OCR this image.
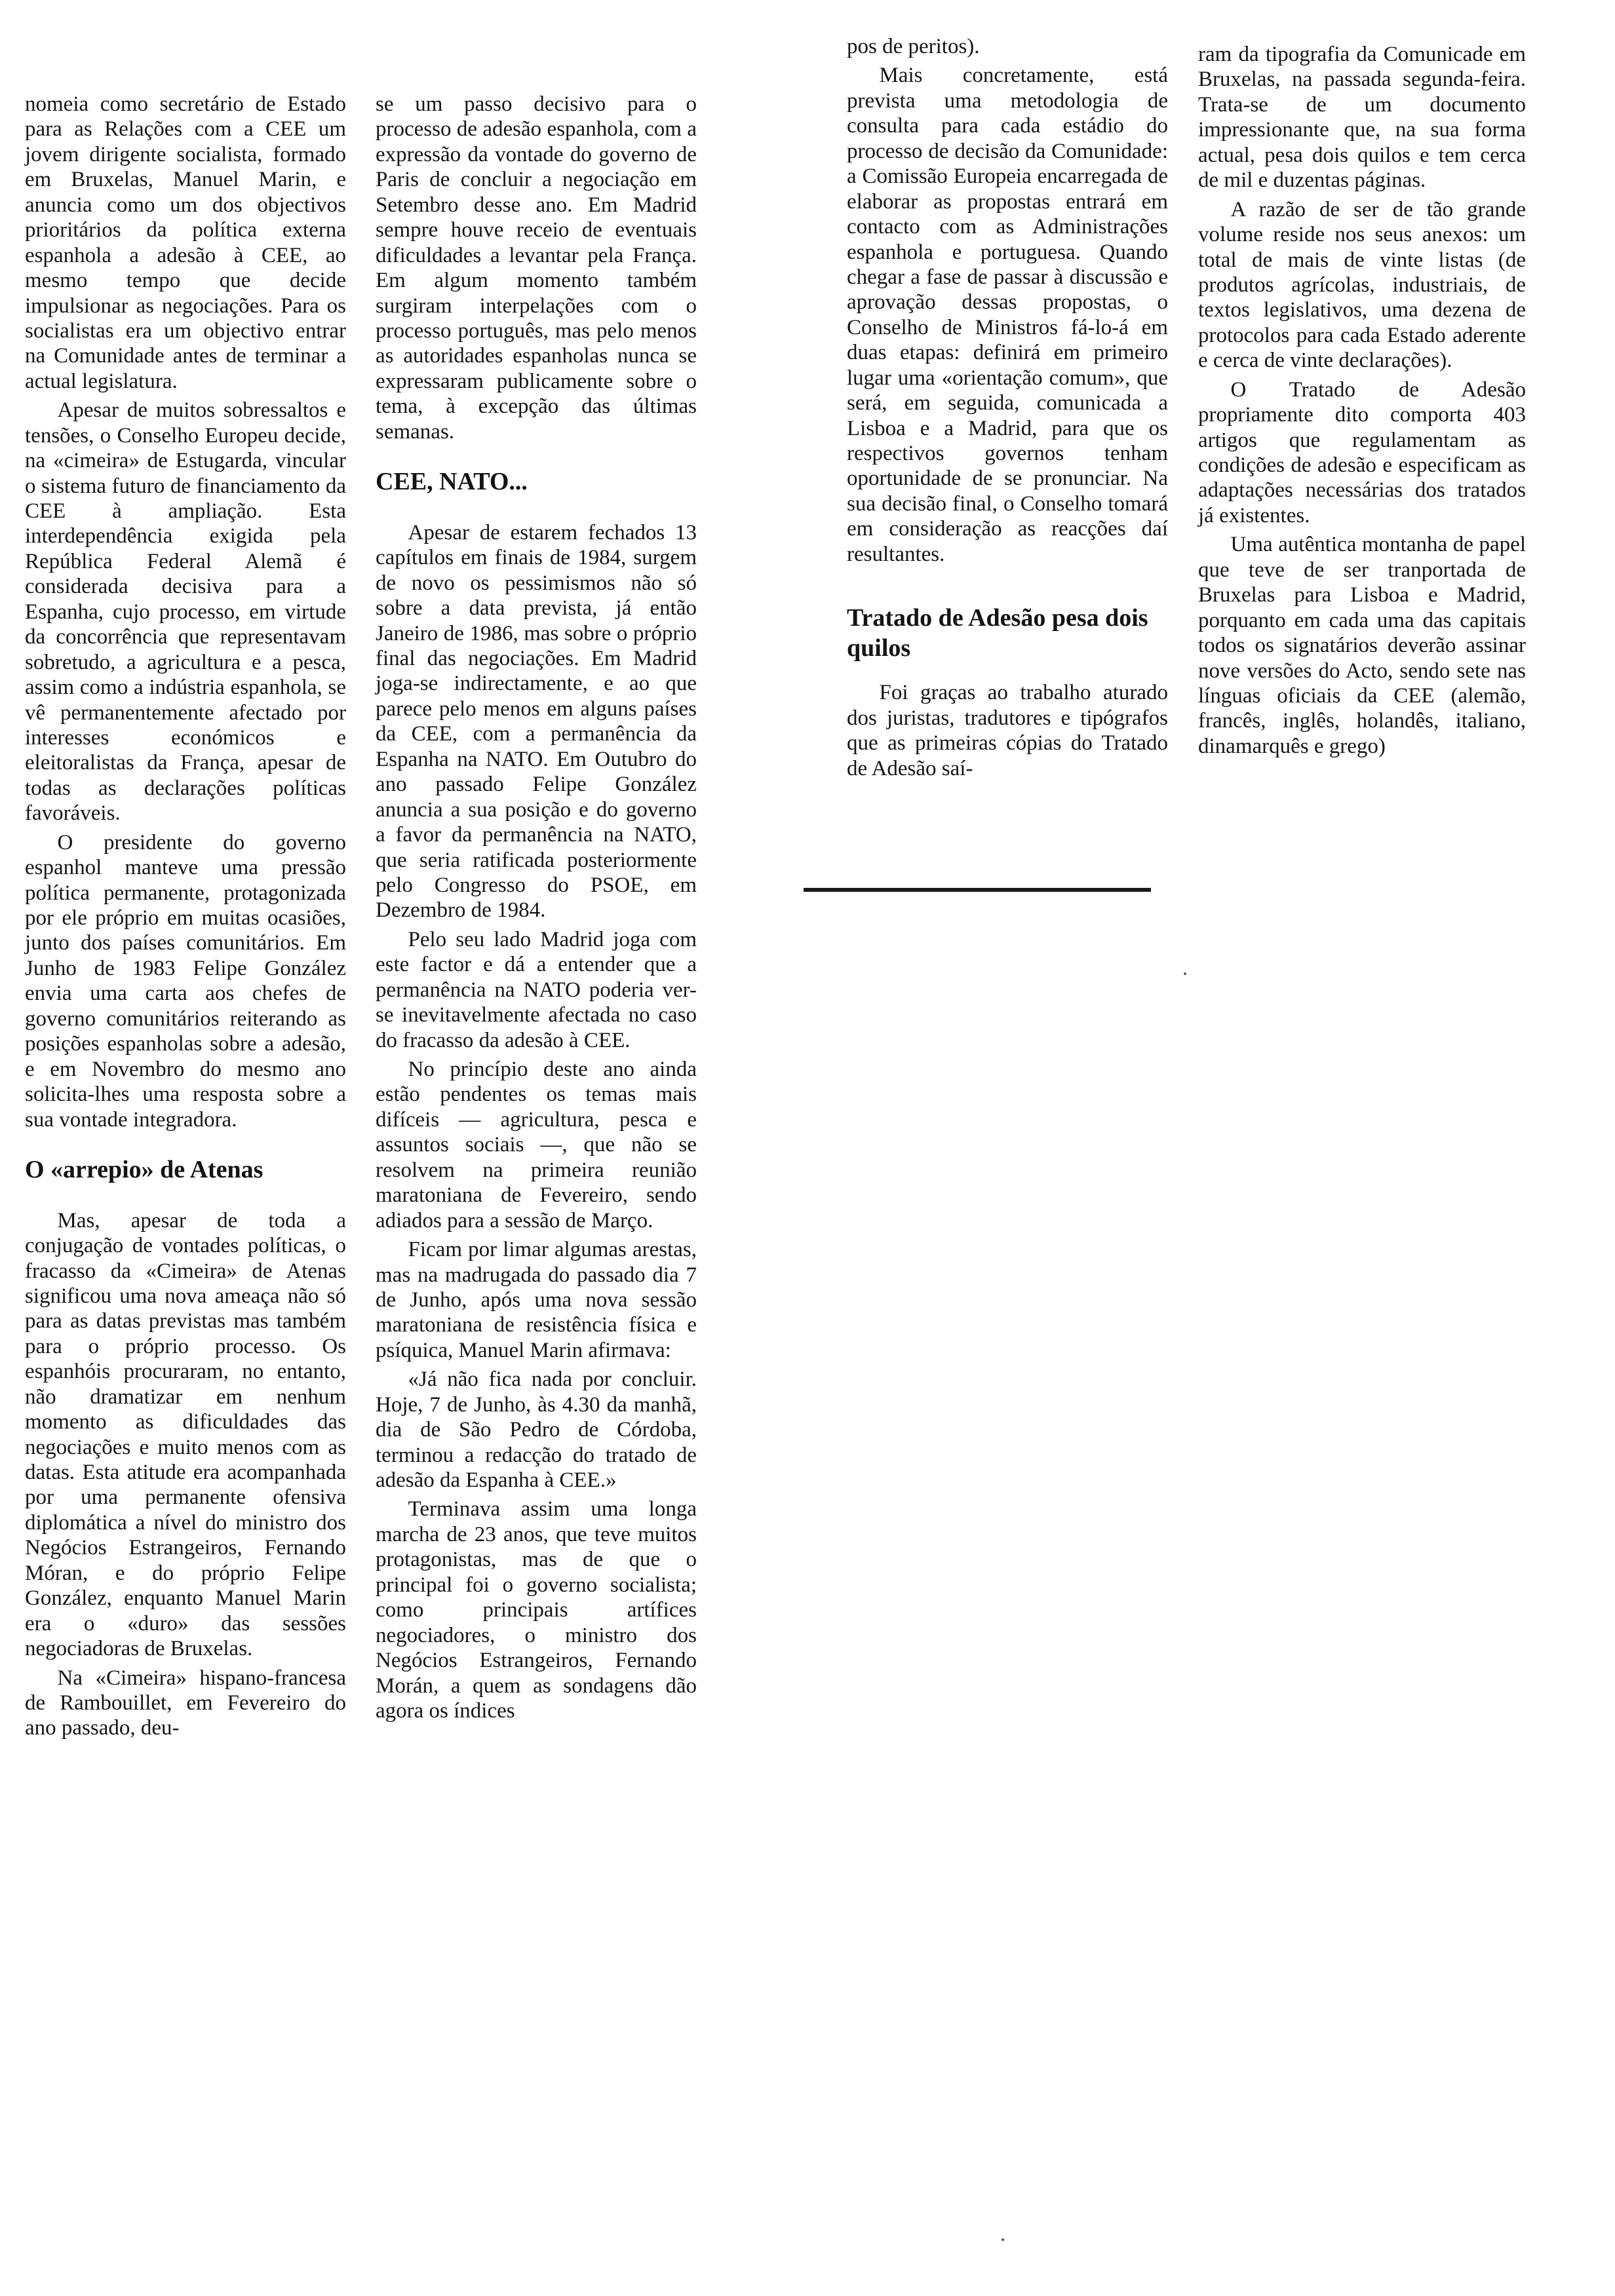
nomeia como secretário de Estado para as Relações com a CEE um jovem dirigente socialista, formado em Bruxelas, Manuel Marin, e anuncia como um dos objectivos prioritários da política externa espanhola a adesão à CEE, ao mesmo tempo que decide impulsionar as negociações. Para os socialistas era um objectivo entrar na Comunidade antes de terminar a actual legislatura.

Apesar de muitos sobressaltos e tensões, o Conselho Europeu decide, na «cimeira» de Estugarda, vincular o sistema futuro de financiamento da CEE à ampliação. Esta interdependência exigida pela República Federal Alemã é considerada decisiva para a Espanha, cujo processo, em virtude da concorrência que representavam sobretudo, a agricultura e a pesca, assim como a indústria espanhola, se vê permanentemente afectado por interesses económicos e eleitoralistas da França, apesar de todas as declarações políticas favoráveis.

O presidente do governo espanhol manteve uma pressão política permanente, protagonizada por ele próprio em muitas ocasiões, junto dos países comunitários. Em Junho de 1983 Felipe González envia uma carta aos chefes de governo comunitários reiterando as posições espanholas sobre a adesão, e em Novembro do mesmo ano solicita-lhes uma resposta sobre a sua vontade integradora.

O «arrepio» de Atenas

Mas, apesar de toda a conjugação de vontades políticas, o fracasso da «Cimeira» de Atenas significou uma nova ameaça não só para as datas previstas mas também para o próprio processo. Os espanhóis procuraram, no entanto, não dramatizar em nenhum momento as dificuldades das negociações e muito menos com as datas. Esta atitude era acompanhada por uma permanente ofensiva diplomática a nível do ministro dos Negócios Estrangeiros, Fernando Móran, e do próprio Felipe González, enquanto Manuel Marin era o «duro» das sessões negociadoras de Bruxelas.

Na «Cimeira» hispano-francesa de Rambouillet, em Fevereiro do ano passado, deu-

se um passo decisivo para o processo de adesão espanhola, com a expressão da vontade do governo de Paris de concluir a negociação em Setembro desse ano. Em Madrid sempre houve receio de eventuais dificuldades a levantar pela França. Em algum momento também surgiram interpelações com o processo português, mas pelo menos as autoridades espanholas nunca se expressaram publicamente sobre o tema, à excepção das últimas semanas.

CEE, NATO...

Apesar de estarem fechados 13 capítulos em finais de 1984, surgem de novo os pessimismos não só sobre a data prevista, já então Janeiro de 1986, mas sobre o próprio final das negociações. Em Madrid joga-se indirectamente, e ao que parece pelo menos em alguns países da CEE, com a permanência da Espanha na NATO. Em Outubro do ano passado Felipe González anuncia a sua posição e do governo a favor da permanência na NATO, que seria ratificada posteriormente pelo Congresso do PSOE, em Dezembro de 1984.

Pelo seu lado Madrid joga com este factor e dá a entender que a permanência na NATO poderia ver-se inevitavelmente afectada no caso do fracasso da adesão à CEE.

No princípio deste ano ainda estão pendentes os temas mais difíceis — agricultura, pesca e assuntos sociais —, que não se resolvem na primeira reunião maratoniana de Fevereiro, sendo adiados para a sessão de Março.

Ficam por limar algumas arestas, mas na madrugada do passado dia 7 de Junho, após uma nova sessão maratoniana de resistência física e psíquica, Manuel Marin afirmava:

«Já não fica nada por concluir. Hoje, 7 de Junho, às 4.30 da manhã, dia de São Pedro de Córdoba, terminou a redacção do tratado de adesão da Espanha à CEE.»

Terminava assim uma longa marcha de 23 anos, que teve muitos protagonistas, mas de que o principal foi o governo socialista; como principais artífices negociadores, o ministro dos Negócios Estrangeiros, Fernando Morán, a quem as sondagens dão agora os índices

pos de peritos).

Mais concretamente, está prevista uma metodologia de consulta para cada estádio do processo de decisão da Comunidade: a Comissão Europeia encarregada de elaborar as propostas entrará em contacto com as Administrações espanhola e portuguesa. Quando chegar a fase de passar à discussão e aprovação dessas propostas, o Conselho de Ministros fá-lo-á em duas etapas: definirá em primeiro lugar uma «orientação comum», que será, em seguida, comunicada a Lisboa e a Madrid, para que os respectivos governos tenham oportunidade de se pronunciar. Na sua decisão final, o Conselho tomará em consideração as reacções daí resultantes.

Tratado de Adesão pesa dois quilos

Foi graças ao trabalho aturado dos juristas, tradutores e tipógrafos que as primeiras cópias do Tratado de Adesão saí-

ram da tipografia da Comunicade em Bruxelas, na passada segunda-feira. Trata-se de um documento impressionante que, na sua forma actual, pesa dois quilos e tem cerca de mil e duzentas páginas.

A razão de ser de tão grande volume reside nos seus anexos: um total de mais de vinte listas (de produtos agrícolas, industriais, de textos legislativos, uma dezena de protocolos para cada Estado aderente e cerca de vinte declarações).

O Tratado de Adesão propriamente dito comporta 403 artigos que regulamentam as condições de adesão e especificam as adaptações necessárias dos tratados já existentes.

Uma autêntica montanha de papel que teve de ser tranportada de Bruxelas para Lisboa e Madrid, porquanto em cada uma das capitais todos os signatários deverão assinar nove versões do Acto, sendo sete nas línguas oficiais da CEE (alemão, francês, inglês, holandês, italiano, dinamarquês e grego)
